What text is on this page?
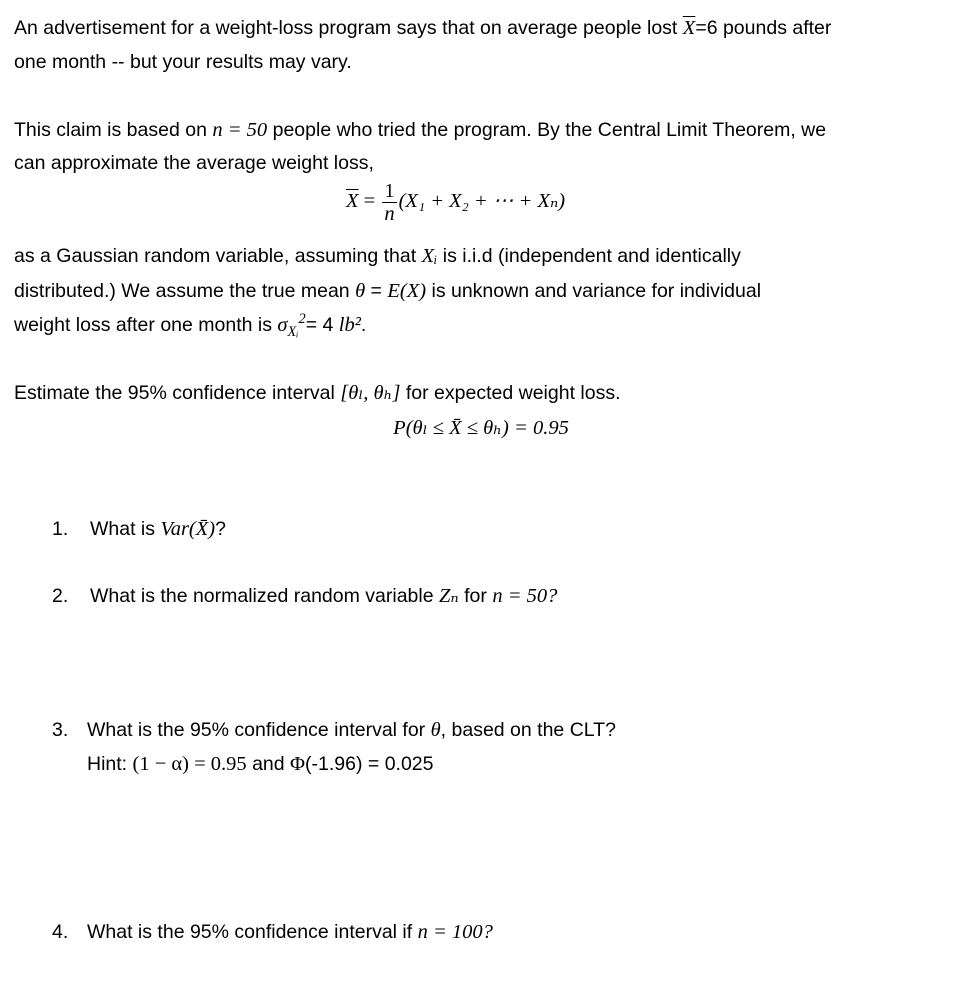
An advertisement for a weight-loss program says that on average people lost $\overline{X}=6$ pounds after
one month -- but your results may vary.
This claim is based on n = 50 people who tried the program. By the Central Limit Theorem, we
can approximate the average weight loss,
$\overline{X} = \frac{1}{n} (X_1 + X_2$ + ⋯ + Xₙ)
as a Gaussian random variable, assuming that Xᵢ is i.i.d (independent and identically
distributed.) We assume the true mean θ = E(X) is unknown and variance for individual
weight loss after one month is $\sigma_{Xᵢ}^2= 4$ lb².
Estimate the 95% confidence interval [θₗ, θₕ] for expected weight loss.
P(θₗ ≤ X̄ ≤ θₕ) = 0.95
1. What is Var(X̄)?
2. What is the normalized random variable Zₙ for n = 50?
3. What is the 95% confidence interval for θ, based on the CLT?
Hint: (1 − α) = 0.95 and Φ(-1.96) = 0.025
4. What is the 95% confidence interval if n = 100?
